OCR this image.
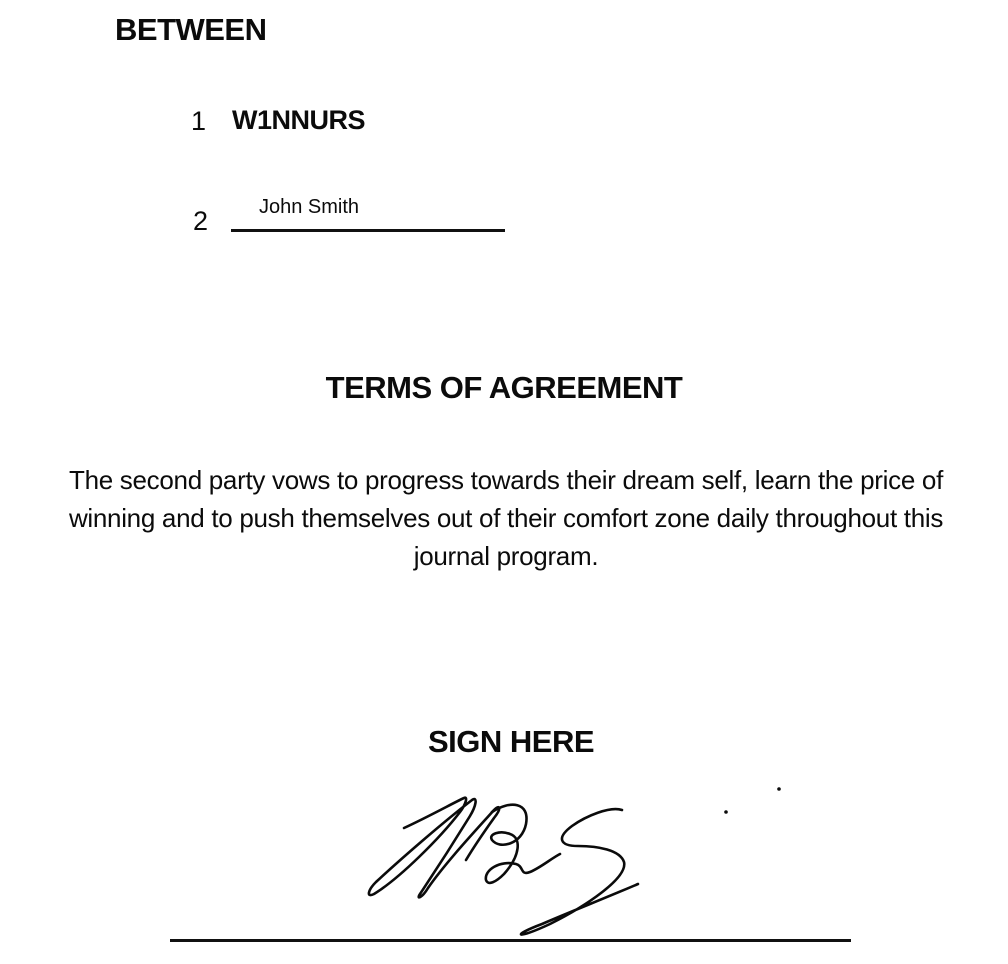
BETWEEN
1 W1NNURS
2	John Smith
TERMS OF AGREEMENT

The second party vows to progress towards their dream self, learn the price of winning and to push themselves out of their comfort zone daily throughout this journal program.

SIGN HERE
